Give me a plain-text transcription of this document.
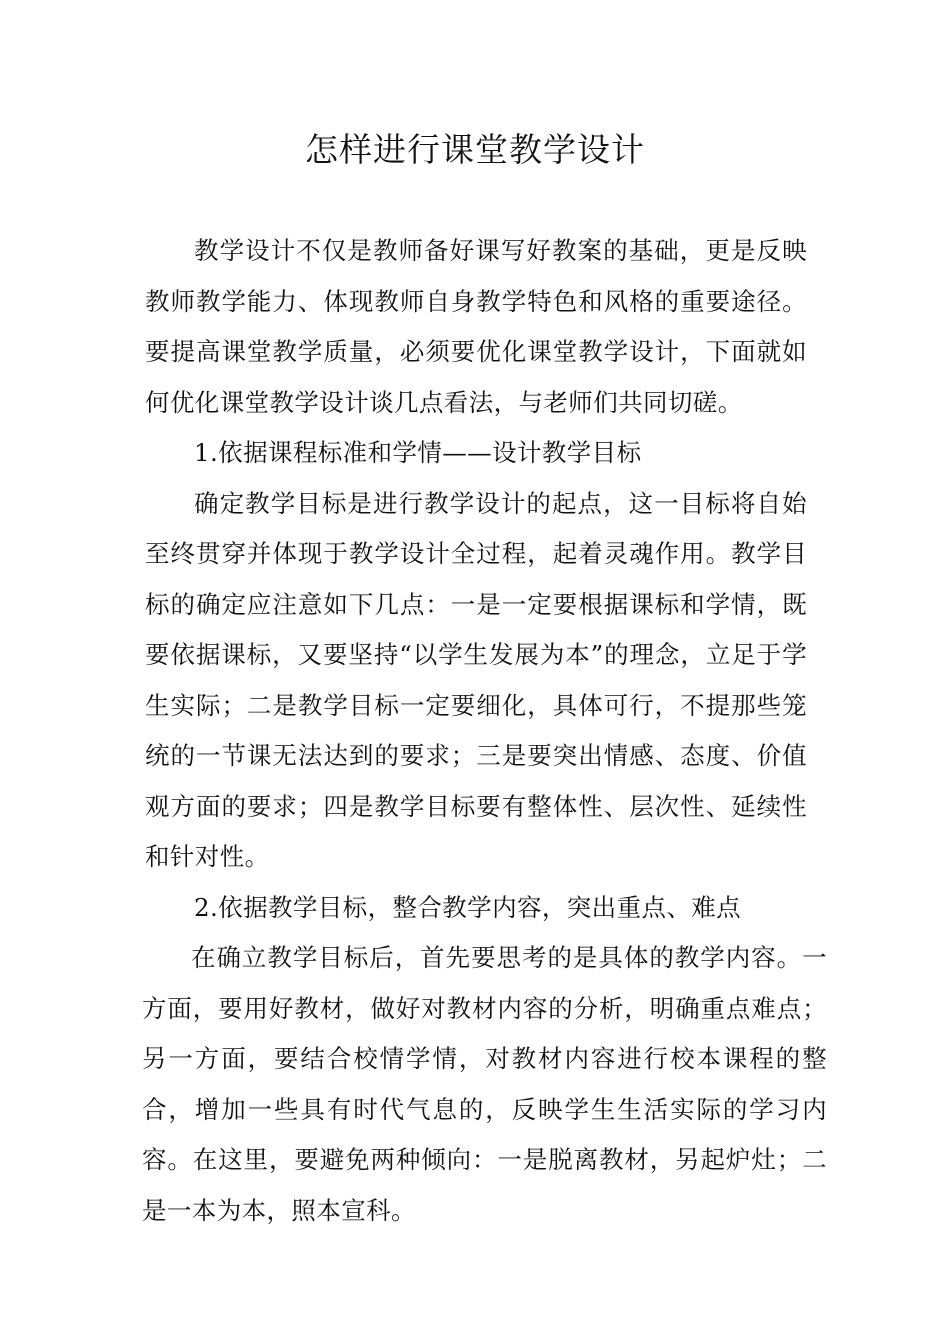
怎样进行课堂教学设计

教学设计不仅是教师备好课写好教案的基础，更是反映教师教学能力、体现教师自身教学特色和风格的重要途径。要提高课堂教学质量，必须要优化课堂教学设计，下面就如何优化课堂教学设计谈几点看法，与老师们共同切磋。

1.依据课程标准和学情——设计教学目标

确定教学目标是进行教学设计的起点，这一目标将自始至终贯穿并体现于教学设计全过程，起着灵魂作用。教学目标的确定应注意如下几点：一是一定要根据课标和学情，既要依据课标，又要坚持“以学生发展为本”的理念，立足于学生实际；二是教学目标一定要细化，具体可行，不提那些笼统的一节课无法达到的要求；三是要突出情感、态度、价值观方面的要求；四是教学目标要有整体性、层次性、延续性和针对性。

2.依据教学目标，整合教学内容，突出重点、难点

在确立教学目标后，首先要思考的是具体的教学内容。一方面，要用好教材，做好对教材内容的分析，明确重点难点；另一方面，要结合校情学情，对教材内容进行校本课程的整合，增加一些具有时代气息的，反映学生生活实际的学习内容。在这里，要避免两种倾向：一是脱离教材，另起炉灶；二是一本为本，照本宣科。
